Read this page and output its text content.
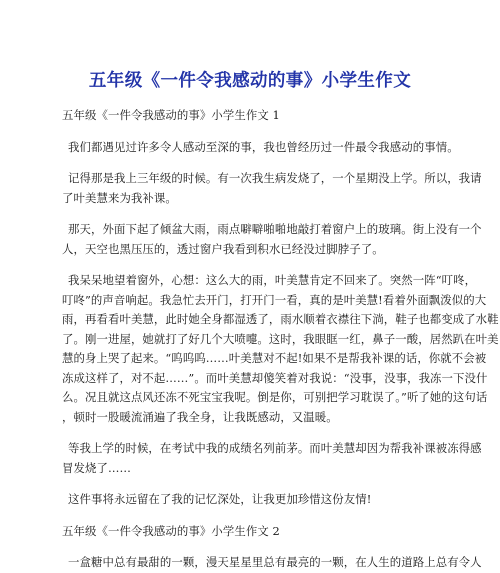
五年级《一件令我感动的事》小学生作文
五年级《一件令我感动的事》小学生作文 1
我们都遇见过许多令人感动至深的事，我也曾经历过一件最令我感动的事情。
记得那是我上三年级的时候。有一次我生病发烧了，一个星期没上学。所以，我请
了叶美慧来为我补课。
那天，外面下起了倾盆大雨，雨点噼噼啪啪地敲打着窗户上的玻璃。街上没有一个
人，天空也黑压压的，透过窗户我看到积水已经没过脚脖子了。
我呆呆地望着窗外，心想：这么大的雨，叶美慧肯定不回来了。突然一阵“叮咚，
叮咚”的声音响起。我急忙去开门，打开门一看，真的是叶美慧!看着外面飘泼似的大
雨，再看看叶美慧，此时她全身都湿透了，雨水顺着衣襟往下淌，鞋子也都变成了水鞋
了。刚一进屋，她就打了好几个大喷嚏。这时，我眼眶一红，鼻子一酸，居然趴在叶美
慧的身上哭了起来。“呜呜呜……叶美慧对不起!如果不是帮我补课的话，你就不会被
冻成这样了，对不起……”。而叶美慧却傻笑着对我说：“没事，没事，我冻一下没什
么。况且就这点风还冻不死宝宝我呢。倒是你，可别把学习耽误了。”听了她的这句话
，顿时一股暖流涌遍了我全身，让我既感动，又温暖。
等我上学的时候，在考试中我的成绩名列前茅。而叶美慧却因为帮我补课被冻得感
冒发烧了……
这件事将永远留在了我的记忆深处，让我更加珍惜这份友情!
五年级《一件令我感动的事》小学生作文 2
一盒糖中总有最甜的一颗，漫天星星里总有最亮的一颗，在人生的道路上总有令人
